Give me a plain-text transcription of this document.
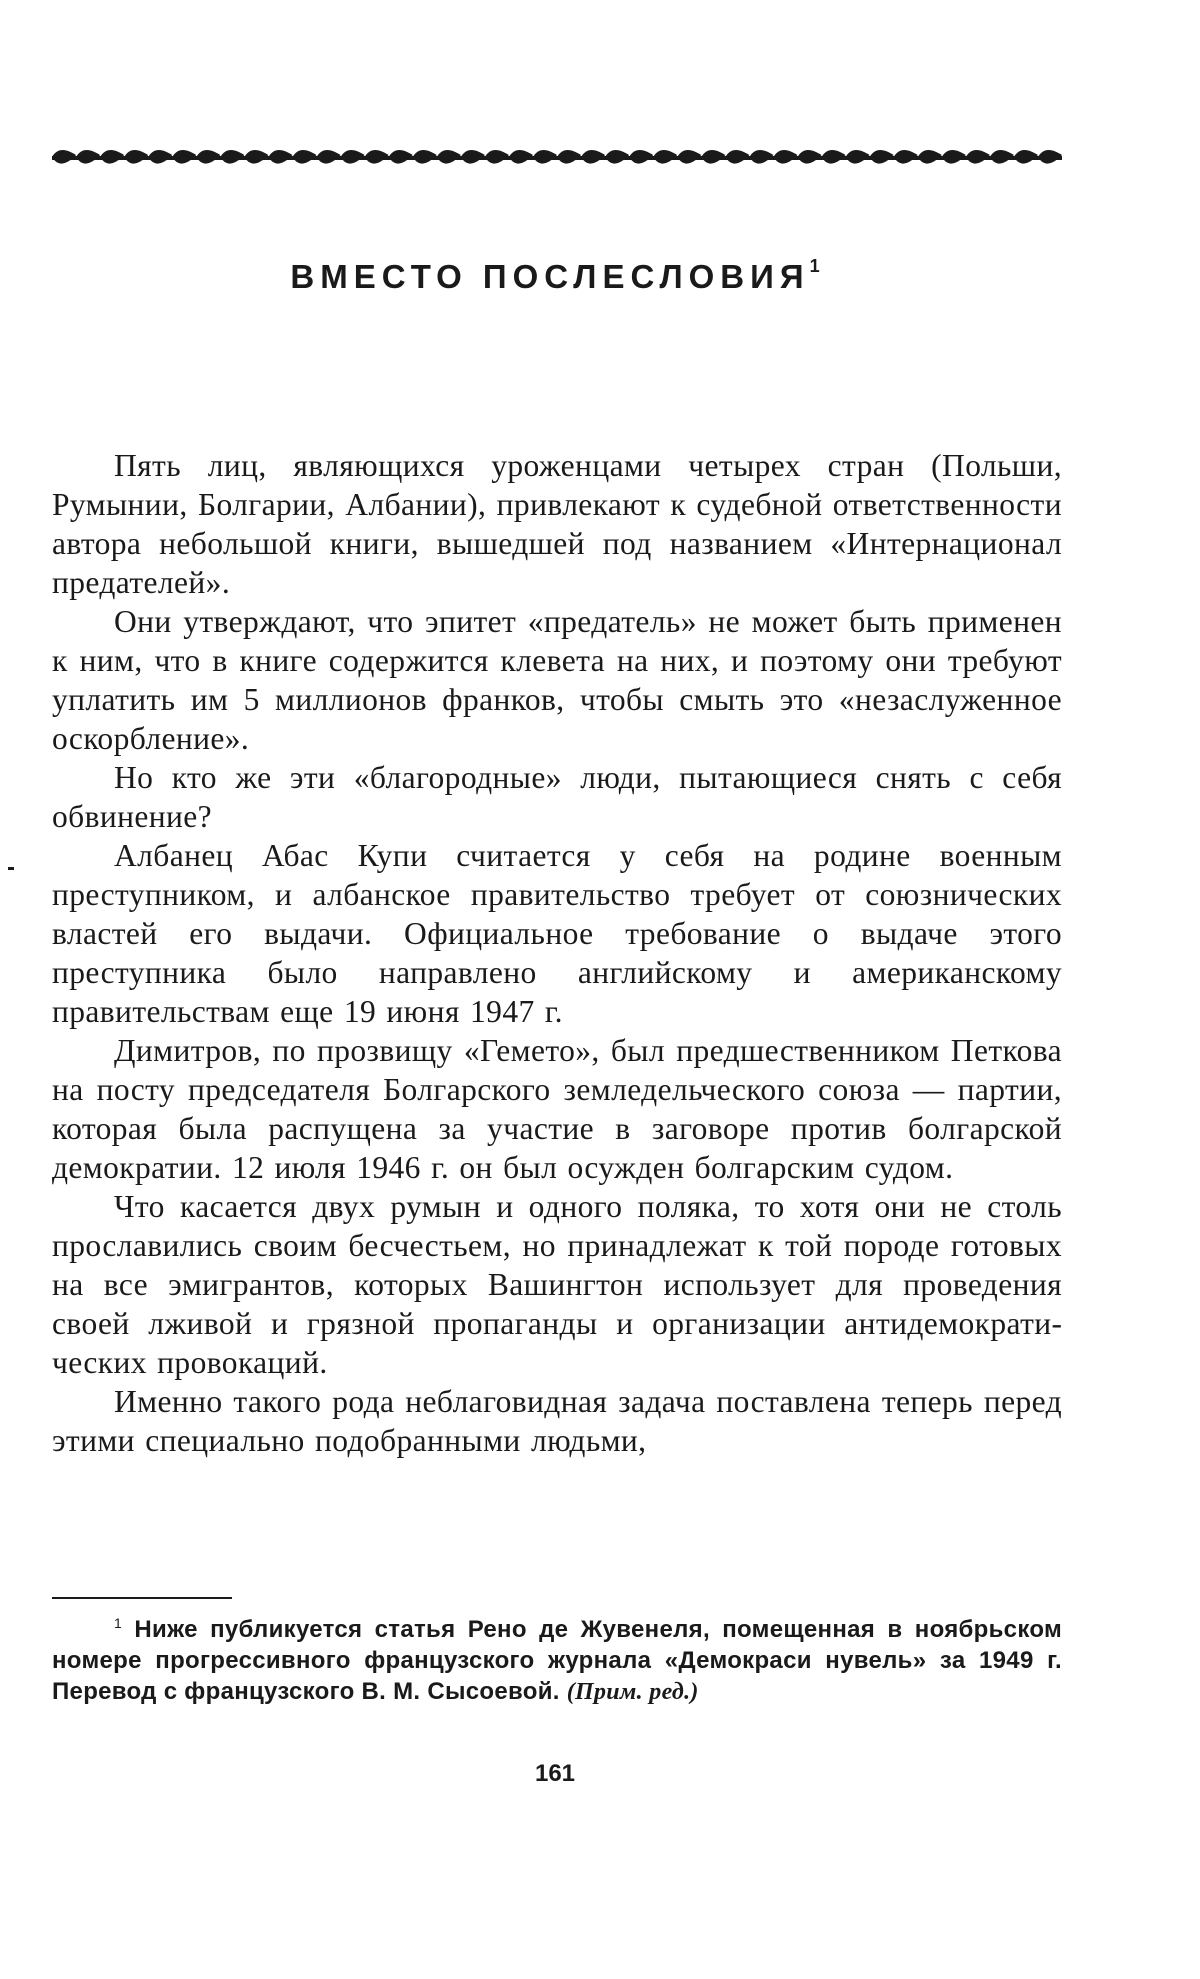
ВМЕСТО ПОСЛЕСЛОВИЯ$^1$

Пять лиц, являющихся уроженцами четырех стран (Польши, Румынии, Болгарии, Албании), привлекают к судебной ответственности автора небольшой книги, вышедшей под названием «Интернационал предателей».

Они утверждают, что эпитет «предатель» не может быть применен к ним, что в книге содержится клевета на них, и поэтому они требуют уплатить им 5 миллионов франков, чтобы смыть это «незаслуженное оскорбление».

Но кто же эти «благородные» люди, пытающиеся снять с себя обвинение?

Албанец Абас Купи считается у себя на родине военным преступником, и албанское правительство требует от союзнических властей его выдачи. Официальное требование о выдаче этого преступника было направлено английскому и американскому правительствам еще 19 июня 1947 г.

Димитров, по прозвищу «Гемето», был предшественником Петкова на посту председателя Болгарского земледельческого союза — партии, которая была распущена за участие в заговоре против болгарской демократии. 12 июля 1946 г. он был осужден болгарским судом.

Что касается двух румын и одного поляка, то хотя они не столь прославились своим бесчестьем, но принадлежат к той породе готовых на все эмигрантов, которых Вашингтон использует для проведения своей лживой и грязной пропаганды и организации антидемократических провокаций.

Именно такого рода неблаговидная задача поставлена теперь перед этими специально подобранными людьми,

$^1$ Ниже публикуется статья Рено де Жувенеля, помещенная в ноябрьском номере прогрессивного французского журнала «Демокраси нувель» за 1949 г. Перевод с французского В. М. Сысоевой. (Прим. ред.)

161
